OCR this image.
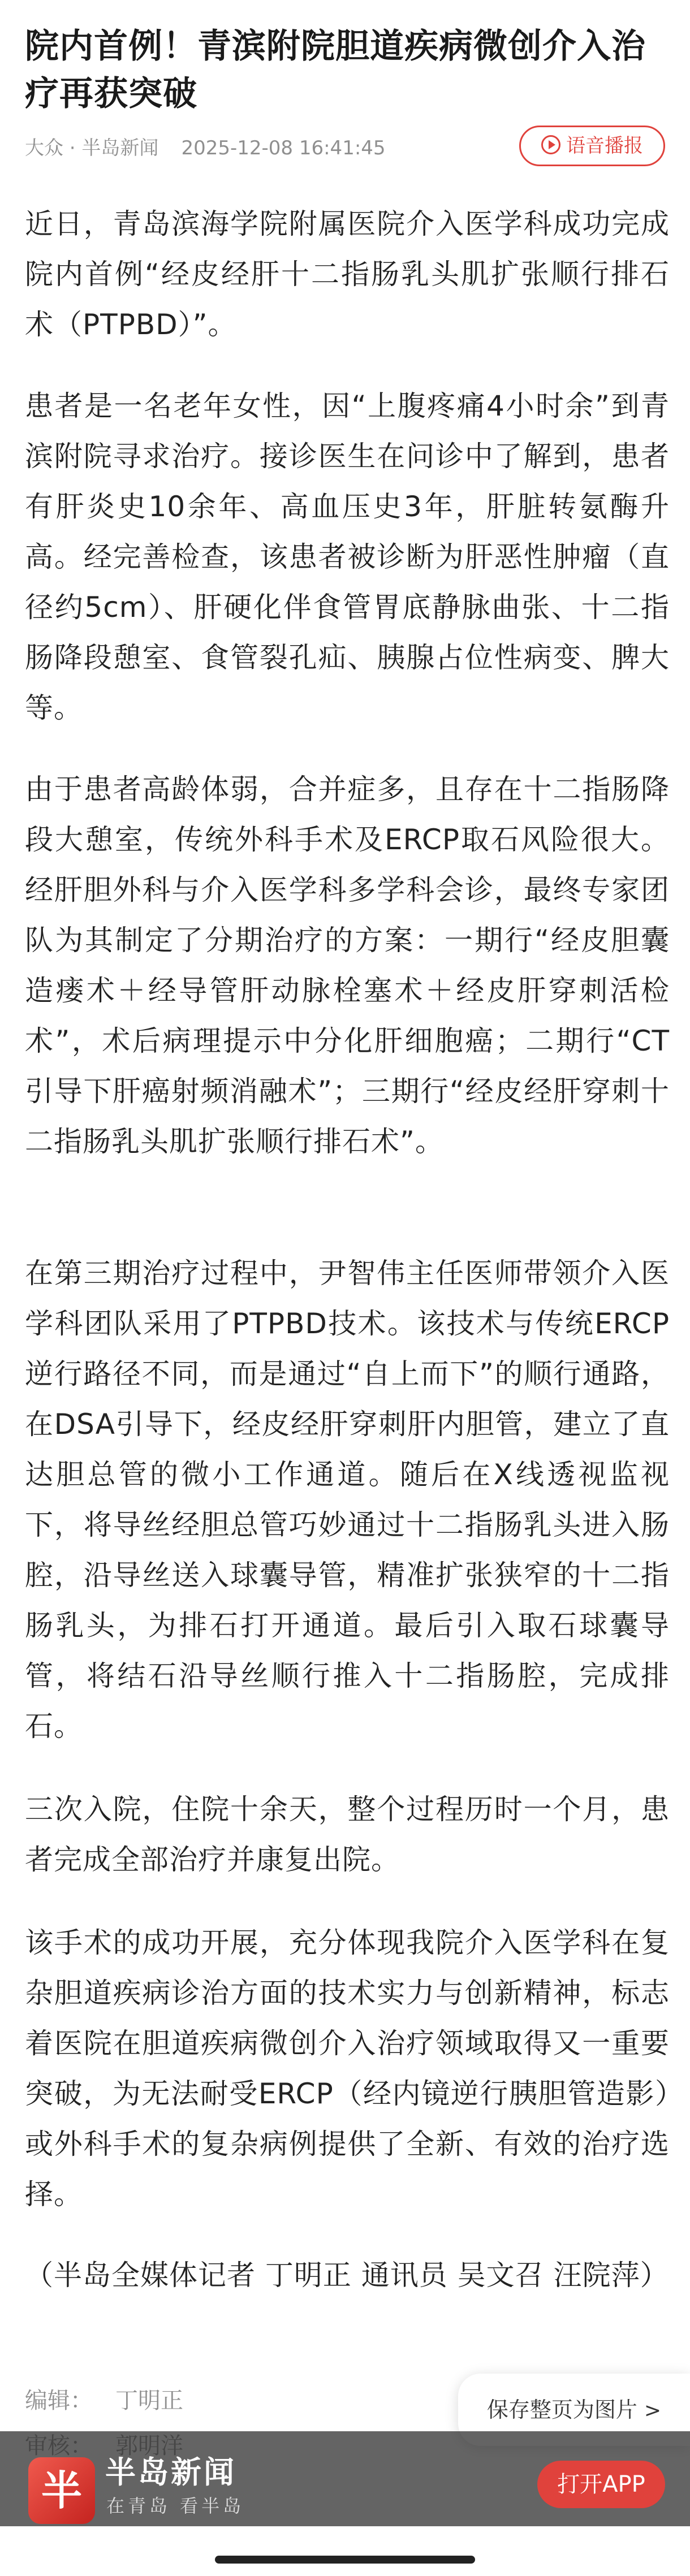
院内首例！青滨附院胆道疾病微创介入治疗再获突破
大众 · 半岛新闻 2025-12-08 16:41:45	语音播报
近日，青岛滨海学院附属医院介入医学科成功完成院内首例“经皮经肝十二指肠乳头肌扩张顺行排石术（PTPBD）”。
患者是一名老年女性，因“上腹疼痛4小时余”到青滨附院寻求治疗。接诊医生在问诊中了解到，患者有肝炎史10余年、高血压史3年，肝脏转氨酶升高。经完善检查，该患者被诊断为肝恶性肿瘤（直径约5cm）、肝硬化伴食管胃底静脉曲张、十二指肠降段憩室、食管裂孔疝、胰腺占位性病变、脾大等。
由于患者高龄体弱，合并症多，且存在十二指肠降段大憩室，传统外科手术及ERCP取石风险很大。经肝胆外科与介入医学科多学科会诊，最终专家团队为其制定了分期治疗的方案：一期行“经皮胆囊造瘘术＋经导管肝动脉栓塞术＋经皮肝穿刺活检术”，术后病理提示中分化肝细胞癌；二期行“CT引导下肝癌射频消融术”；三期行“经皮经肝穿刺十二指肠乳头肌扩张顺行排石术”。
在第三期治疗过程中，尹智伟主任医师带领介入医学科团队采用了PTPBD技术。该技术与传统ERCP逆行路径不同，而是通过“自上而下”的顺行通路，在DSA引导下，经皮经肝穿刺肝内胆管，建立了直达胆总管的微小工作通道。随后在X线透视监视下，将导丝经胆总管巧妙通过十二指肠乳头进入肠腔，沿导丝送入球囊导管，精准扩张狭窄的十二指肠乳头，为排石打开通道。最后引入取石球囊导管，将结石沿导丝顺行推入十二指肠腔，完成排石。
三次入院，住院十余天，整个过程历时一个月，患者完成全部治疗并康复出院。
该手术的成功开展，充分体现我院介入医学科在复杂胆道疾病诊治方面的技术实力与创新精神，标志着医院在胆道疾病微创介入治疗领域取得又一重要突破，为无法耐受ERCP（经内镜逆行胰胆管造影）或外科手术的复杂病例提供了全新、有效的治疗选择。
（半岛全媒体记者 丁明正 通讯员 吴文召 汪院萍）
编辑： 丁明正	保存整页为图片 >
半 半岛新闻
在青岛 看半岛
打开APP
